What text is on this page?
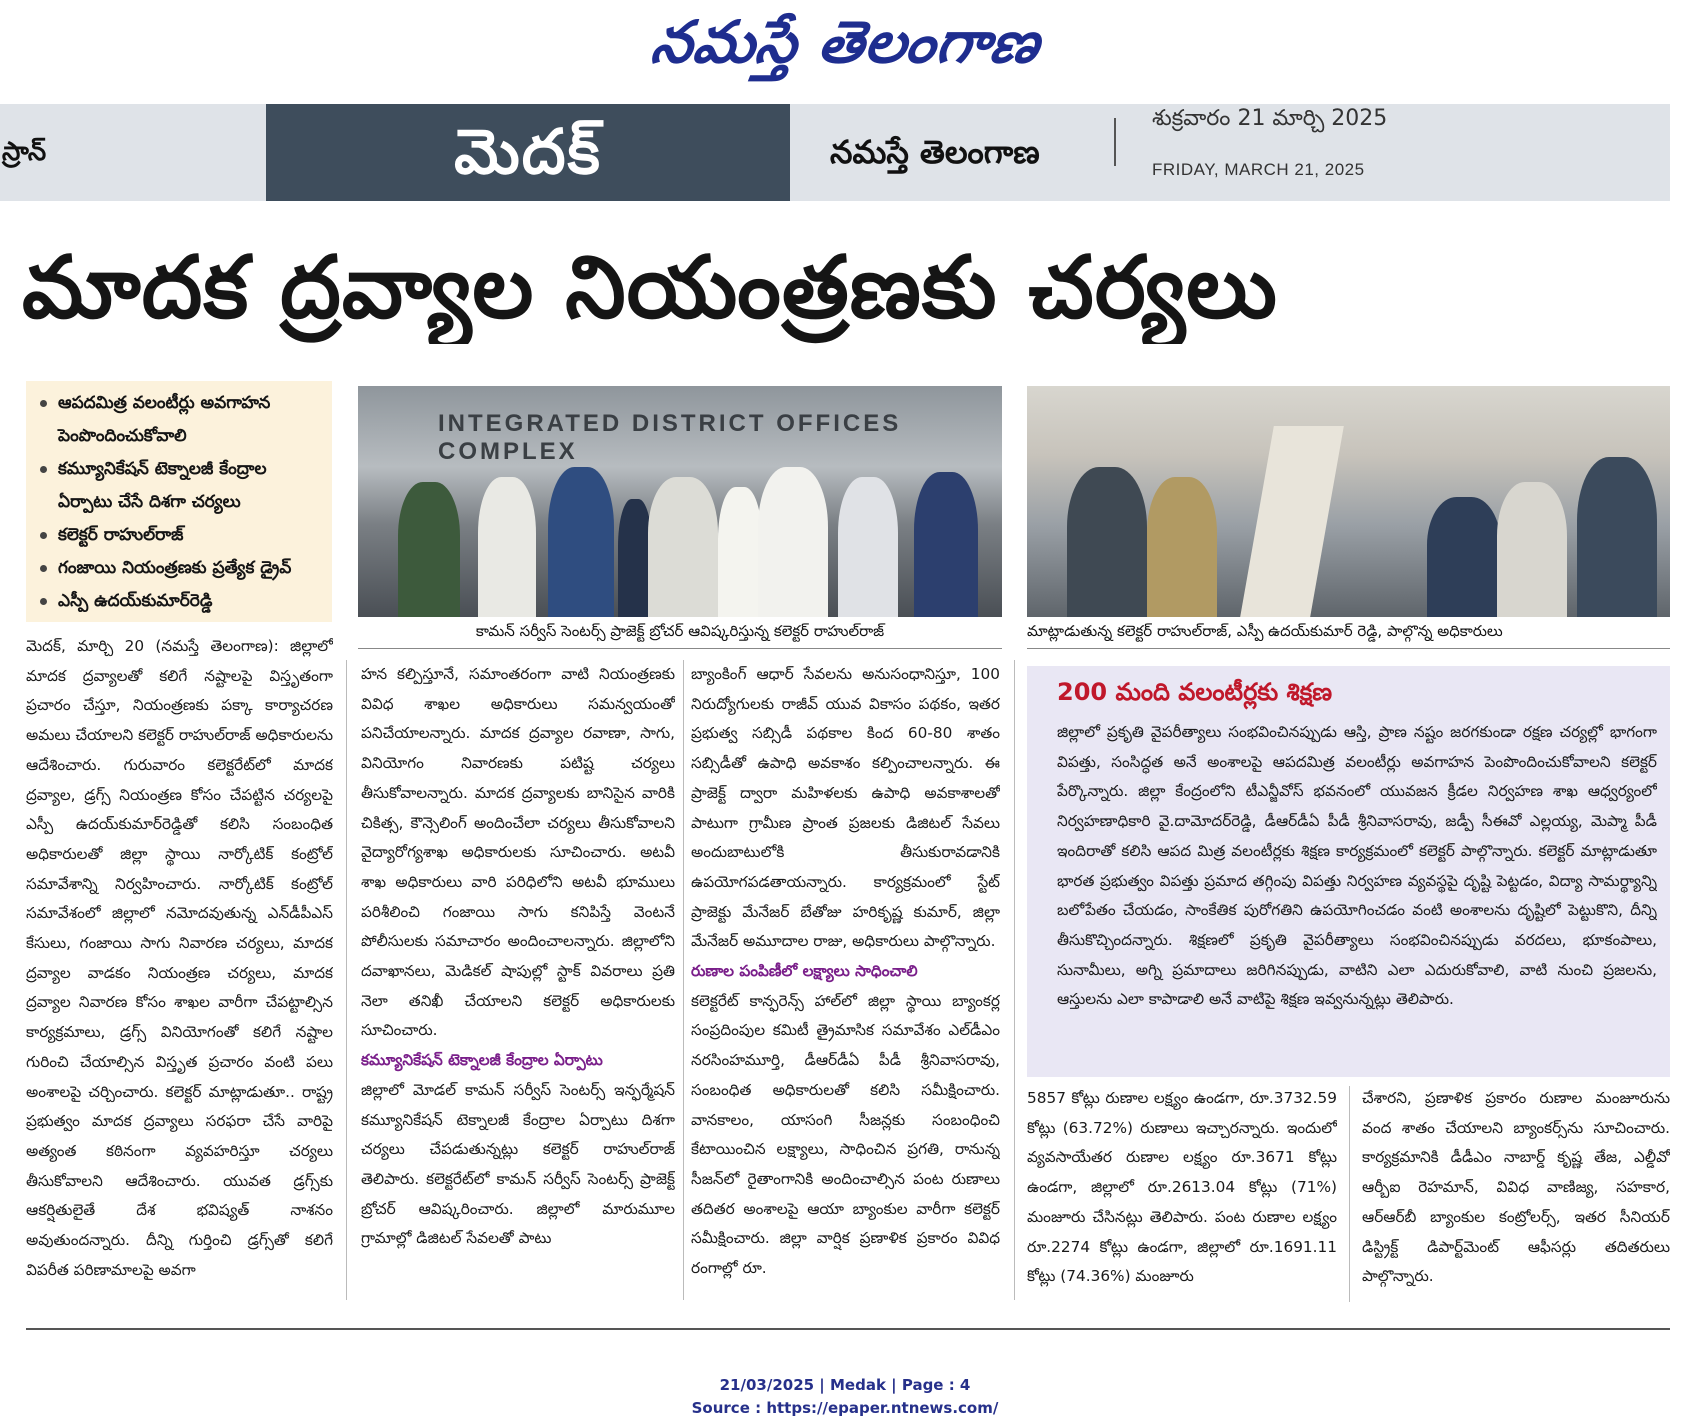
నమస్తే తెలంగాణ
స్రాన్	మెదక్	నమస్తే తెలంగాణ
శుక్రవారం 21 మార్చి 2025
FRIDAY, MARCH 21, 2025
మాదక ద్రవ్యాల నియంత్రణకు చర్యలు
ఆపదమిత్ర వలంటీర్లు అవగాహన పెంపొందించుకోవాలి
కమ్యూనికేషన్ టెక్నాలజీ కేంద్రాల ఏర్పాటు చేసే దిశగా చర్యలు
కలెక్టర్ రాహుల్‌రాజ్
గంజాయి నియంత్రణకు ప్రత్యేక డ్రైవ్
ఎస్పీ ఉదయ్‌కుమార్‌రెడ్డి
INTEGRATED DISTRICT OFFICES COMPLEX
కామన్ సర్వీస్ సెంటర్స్ ప్రాజెక్ట్ బ్రోచర్ ఆవిష్కరిస్తున్న కలెక్టర్ రాహుల్‌రాజ్	మాట్లాడుతున్న కలెక్టర్ రాహుల్‌రాజ్, ఎస్పీ ఉదయ్‌కుమార్ రెడ్డి, పాల్గొన్న అధికారులు
మెదక్, మార్చి 20 (నమస్తే తెలంగాణ): జిల్లాలో మాదక ద్రవ్యాలతో కలిగే నష్టాలపై విస్తృతంగా ప్రచారం చేస్తూ, నియంత్రణకు పక్కా కార్యాచరణ అమలు చేయాలని కలెక్టర్ రాహుల్‌రాజ్ అధికారులను ఆదేశించారు. గురువారం కలెక్టరేట్‌లో మాదక ద్రవ్యాల, డ్రగ్స్ నియంత్రణ కోసం చేపట్టిన చర్యలపై ఎస్పీ ఉదయ్‌కుమార్‌రెడ్డితో కలిసి సంబంధిత అధికారులతో జిల్లా స్థాయి నార్కోటిక్ కంట్రోల్ సమావేశాన్ని నిర్వహించారు. నార్కోటిక్ కంట్రోల్ సమావేశంలో జిల్లాలో నమోదవుతున్న ఎన్‌డీపీఎస్ కేసులు, గంజాయి సాగు నివారణ చర్యలు, మాదక ద్రవ్యాల వాడకం నియంత్రణ చర్యలు, మాదక ద్రవ్యాల నివారణ కోసం శాఖల వారీగా చేపట్టాల్సిన కార్యక్రమాలు, డ్రగ్స్ వినియోగంతో కలిగే నష్టాల గురించి చేయాల్సిన విస్తృత ప్రచారం వంటి పలు అంశాలపై చర్చించారు. కలెక్టర్ మాట్లాడుతూ.. రాష్ట్ర ప్రభుత్వం మాదక ద్రవ్యాలు సరఫరా చేసే వారిపై అత్యంత కఠినంగా వ్యవహరిస్తూ చర్యలు తీసుకోవాలని ఆదేశించారు. యువత డ్రగ్స్‌కు ఆకర్షితులైతే దేశ భవిష్యత్ నాశనం అవుతుందన్నారు. దీన్ని గుర్తించి డ్రగ్స్‌తో కలిగే విపరీత పరిణామాలపై అవగా
హన కల్పిస్తూనే, సమాంతరంగా వాటి నియంత్రణకు వివిధ శాఖల అధికారులు సమన్వయంతో పనిచేయాలన్నారు. మాదక ద్రవ్యాల రవాణా, సాగు, వినియోగం నివారణకు పటిష్ట చర్యలు తీసుకోవాలన్నారు. మాదక ద్రవ్యాలకు బానిసైన వారికి చికిత్స, కౌన్సెలింగ్ అందించేలా చర్యలు తీసుకోవాలని వైద్యారోగ్యశాఖ అధికారులకు సూచించారు. అటవీ శాఖ అధికారులు వారి పరిధిలోని అటవీ భూములు పరిశీలించి గంజాయి సాగు కనిపిస్తే వెంటనే పోలీసులకు సమాచారం అందించాలన్నారు. జిల్లాలోని దవాఖానలు, మెడికల్ షాపుల్లో స్టాక్ వివరాలు ప్రతి నెలా తనిఖీ చేయాలని కలెక్టర్ అధికారులకు సూచించారు.
కమ్యూనికేషన్ టెక్నాలజీ కేంద్రాల ఏర్పాటు
జిల్లాలో మోడల్ కామన్ సర్వీస్ సెంటర్స్ ఇన్ఫర్మేషన్ కమ్యూనికేషన్ టెక్నాలజీ కేంద్రాల ఏర్పాటు దిశగా చర్యలు చేపడుతున్నట్లు కలెక్టర్ రాహుల్‌రాజ్ తెలిపారు. కలెక్టరేట్‌లో కామన్ సర్వీస్ సెంటర్స్ ప్రాజెక్ట్ బ్రోచర్ ఆవిష్కరించారు. జిల్లాలో మారుమూల గ్రామాల్లో డిజిటల్ సేవలతో పాటు
బ్యాంకింగ్ ఆధార్ సేవలను అనుసంధానిస్తూ, 100 నిరుద్యోగులకు రాజీవ్ యువ వికాసం పథకం, ఇతర ప్రభుత్వ సబ్సిడీ పథకాల కింద 60-80 శాతం సబ్సిడీతో ఉపాధి అవకాశం కల్పించాలన్నారు. ఈ ప్రాజెక్ట్ ద్వారా మహిళలకు ఉపాధి అవకాశాలతో పాటుగా గ్రామీణ ప్రాంత ప్రజలకు డిజిటల్ సేవలు అందుబాటులోకి తీసుకురావడానికి ఉపయోగపడతాయన్నారు. కార్యక్రమంలో స్టేట్ ప్రాజెక్టు మేనేజర్ బేతోజు హరికృష్ణ కుమార్, జిల్లా మేనేజర్ అమూదాల రాజు, అధికారులు పాల్గొన్నారు.
రుణాల పంపిణీలో లక్ష్యాలు సాధించాలి
కలెక్టరేట్ కాన్ఫరెన్స్ హాల్‌లో జిల్లా స్థాయి బ్యాంకర్ల సంప్రదింపుల కమిటీ త్రైమాసిక సమావేశం ఎల్‌డీఎం నరసింహమూర్తి, డీఆర్‌డీఏ పీడీ శ్రీనివాసరావు, సంబంధిత అధికారులతో కలిసి సమీక్షించారు. వానకాలం, యాసంగి సీజన్లకు సంబంధించి కేటాయించిన లక్ష్యాలు, సాధించిన ప్రగతి, రానున్న సీజన్‌లో రైతాంగానికి అందించాల్సిన పంట రుణాలు తదితర అంశాలపై ఆయా బ్యాంకుల వారీగా కలెక్టర్ సమీక్షించారు. జిల్లా వార్షిక ప్రణాళిక ప్రకారం వివిధ రంగాల్లో రూ.
200 మంది వలంటీర్లకు శిక్షణ
జిల్లాలో ప్రకృతి వైపరీత్యాలు సంభవించినప్పుడు ఆస్తి, ప్రాణ నష్టం జరగకుండా రక్షణ చర్యల్లో భాగంగా విపత్తు, సంసిద్ధత అనే అంశాలపై ఆపదమిత్ర వలంటీర్లు అవగాహన పెంపొందించుకోవాలని కలెక్టర్ పేర్కొన్నారు. జిల్లా కేంద్రంలోని టీఎన్జీవోస్ భవనంలో యువజన క్రీడల నిర్వహణ శాఖ ఆధ్వర్యంలో నిర్వహణాధికారి వై.దామోదర్‌రెడ్డి, డీఆర్‌డీఏ పీడీ శ్రీనివాసరావు, జడ్పీ సీఈవో ఎల్లయ్య, మెప్మా పీడీ ఇందిరాతో కలిసి ఆపద మిత్ర వలంటీర్లకు శిక్షణ కార్యక్రమంలో కలెక్టర్ పాల్గొన్నారు. కలెక్టర్ మాట్లాడుతూ భారత ప్రభుత్వం విపత్తు ప్రమాద తగ్గింపు విపత్తు నిర్వహణ వ్యవస్థపై దృష్టి పెట్టడం, విద్యా సామర్థ్యాన్ని బలోపేతం చేయడం, సాంకేతిక పురోగతిని ఉపయోగించడం వంటి అంశాలను దృష్టిలో పెట్టుకొని, దీన్ని తీసుకొచ్చిందన్నారు. శిక్షణలో ప్రకృతి వైపరీత్యాలు సంభవించినప్పుడు వరదలు, భూకంపాలు, సునామీలు, అగ్ని ప్రమాదాలు జరిగినప్పుడు, వాటిని ఎలా ఎదురుకోవాలి, వాటి నుంచి ప్రజలను, ఆస్తులను ఎలా కాపాడాలి అనే వాటిపై శిక్షణ ఇవ్వనున్నట్లు తెలిపారు.
5857 కోట్లు రుణాల లక్ష్యం ఉండగా, రూ.3732.59 కోట్లు (63.72%) రుణాలు ఇచ్చారన్నారు. ఇందులో వ్యవసాయేతర రుణాల లక్ష్యం రూ.3671 కోట్లు ఉండగా, జిల్లాలో రూ.2613.04 కోట్లు (71%) మంజూరు చేసినట్లు తెలిపారు. పంట రుణాల లక్ష్యం రూ.2274 కోట్లు ఉండగా, జిల్లాలో రూ.1691.11 కోట్లు (74.36%) మంజూరు
చేశారని, ప్రణాళిక ప్రకారం రుణాల మంజూరును వంద శాతం చేయాలని బ్యాంకర్స్‌ను సూచించారు. కార్యక్రమానికి డీడీఎం నాబార్డ్ కృష్ణ తేజ, ఎల్డీవో ఆర్బీఐ రెహమాన్, వివిధ వాణిజ్య, సహకార, ఆర్ఆర్‌బీ బ్యాంకుల కంట్రోలర్స్, ఇతర సీనియర్ డిస్ట్రిక్ట్ డిపార్ట్‌మెంట్ ఆఫీసర్లు తదితరులు పాల్గొన్నారు.
21/03/2025 | Medak | Page : 4
Source : https://epaper.ntnews.com/
